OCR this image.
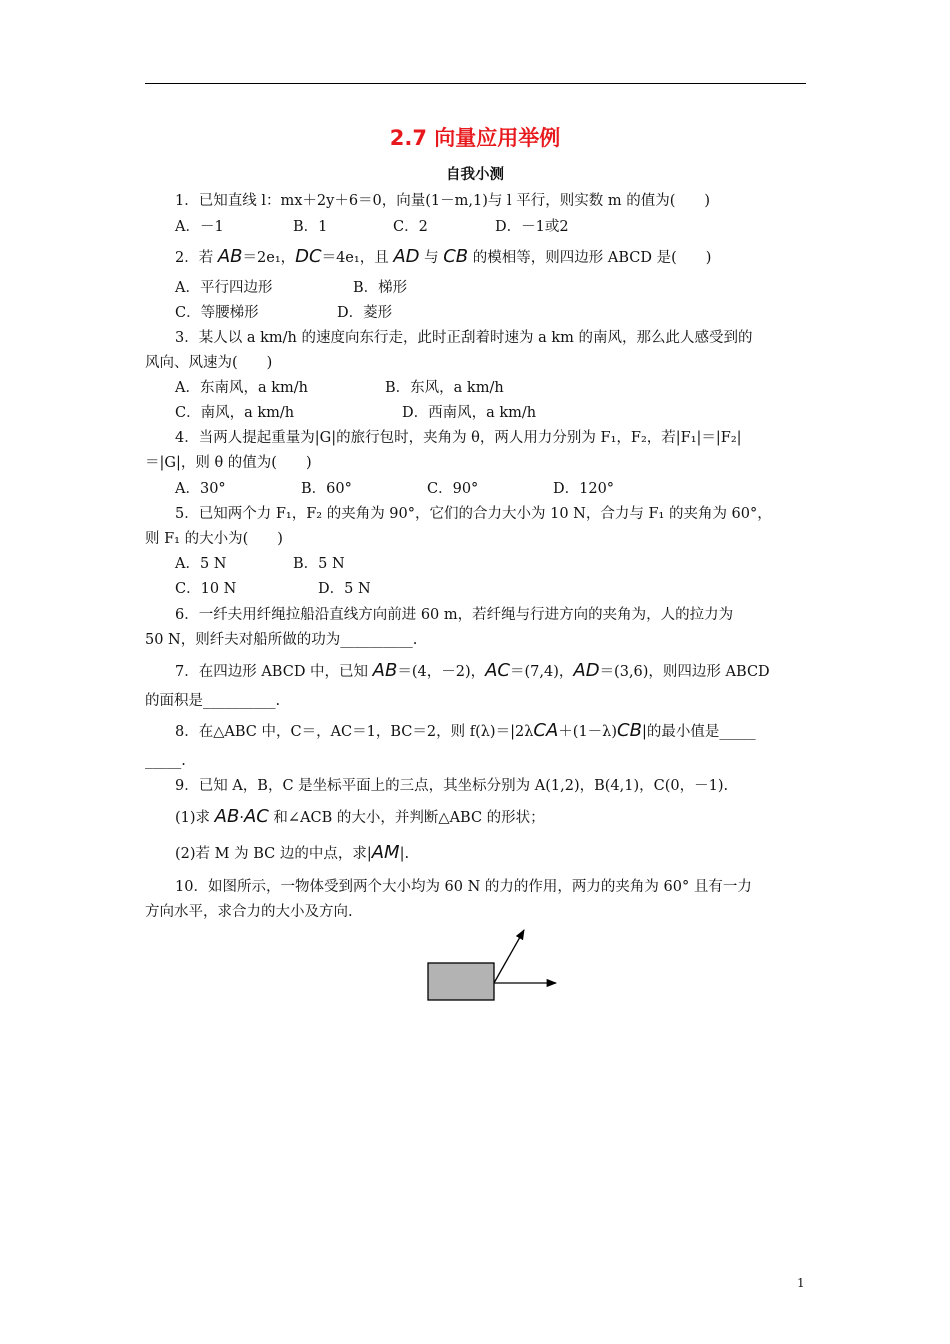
2.7 向量应用举例
自我小测
1．已知直线 l：mx＋2y＋6＝0，向量(1－m,1)与 l 平行，则实数 m 的值为(　　)
A．－1	B．1	C．2	D．－1或2
2．若 AB＝2e₁，DC＝4e₁，且 AD 与 CB 的模相等，则四边形 ABCD 是(　　)
A．平行四边形	B．梯形
C．等腰梯形	D．菱形
3．某人以 a km/h 的速度向东行走，此时正刮着时速为 a km 的南风，那么此人感受到的
风向、风速为(　　)
A．东南风，a km/h	B．东风，a km/h
C．南风，a km/h	D．西南风，a km/h
4．当两人提起重量为|G|的旅行包时，夹角为 θ，两人用力分别为 F₁，F₂，若|F₁|＝|F₂|
＝|G|，则 θ 的值为(　　)
A．30°	B．60°	C．90°	D．120°
5．已知两个力 F₁，F₂ 的夹角为 90°，它们的合力大小为 10 N，合力与 F₁ 的夹角为 60°，
则 F₁ 的大小为(　　)
A．5 N	B．5 N
C．10 N	D．5 N
6．一纤夫用纤绳拉船沿直线方向前进 60 m，若纤绳与行进方向的夹角为，人的拉力为
50 N，则纤夫对船所做的功为__________.
7．在四边形 ABCD 中，已知 AB＝(4，－2)，AC＝(7,4)，AD＝(3,6)，则四边形 ABCD
的面积是__________.
8．在△ABC 中，C＝，AC＝1，BC＝2，则 f(λ)＝|2λCA＋(1－λ)CB|的最小值是_____
_____.
9．已知 A，B，C 是坐标平面上的三点，其坐标分别为 A(1,2)，B(4,1)，C(0，－1).
(1)求 AB·AC 和∠ACB 的大小，并判断△ABC 的形状；
(2)若 M 为 BC 边的中点，求|AM|.
10．如图所示，一物体受到两个大小均为 60 N 的力的作用，两力的夹角为 60° 且有一力
方向水平，求合力的大小及方向.
1
